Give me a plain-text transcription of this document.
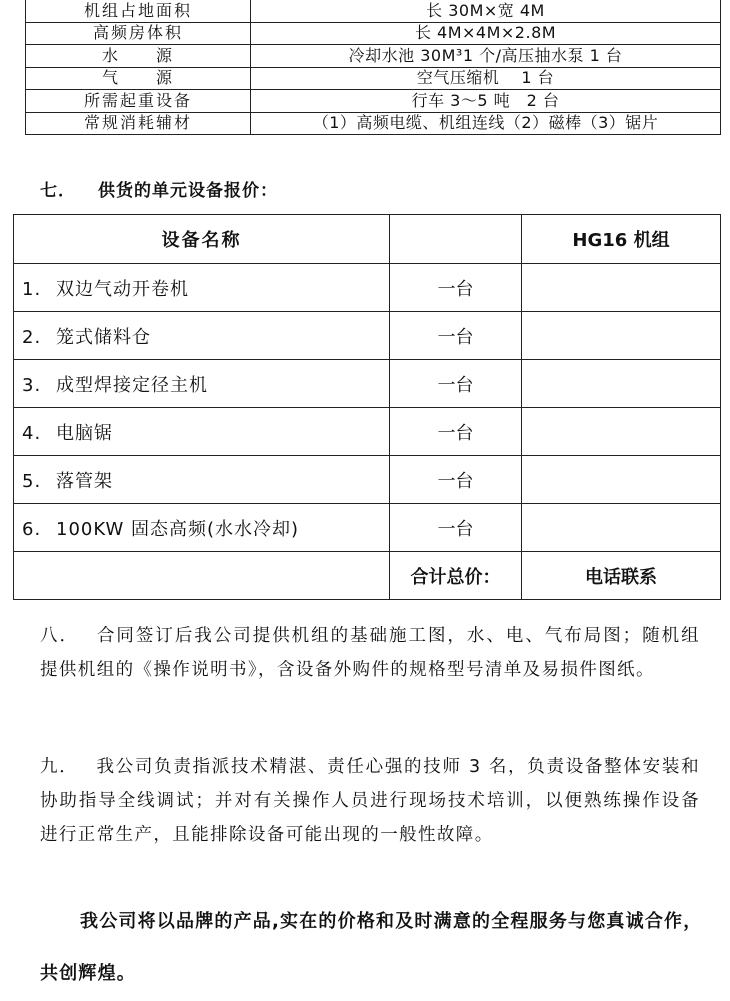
机组占地面积	长 30M×宽 4M
高频房体积	长 4M×4M×2.8M
水　　源	冷却水池 30M³1 个/高压抽水泵 1 台
气　　源	空气压缩机　 1 台
所需起重设备	行车 3～5 吨　2 台
常规消耗辅材	（1）高频电缆、机组连线（2）磁棒（3）锯片
七． 供货的单元设备报价：
设备名称		HG16 机组
1. 双边气动开卷机	一台	
2. 笼式储料仓	一台	
3. 成型焊接定径主机	一台	
4. 电脑锯	一台	
5. 落管架	一台	
6. 100KW 固态高频(水水冷却)	一台	
	合计总价：	电话联系
八． 合同签订后我公司提供机组的基础施工图，水、电、气布局图；随机组提供机组的《操作说明书》，含设备外购件的规格型号清单及易损件图纸。
九． 我公司负责指派技术精湛、责任心强的技师 3 名，负责设备整体安装和协助指导全线调试；并对有关操作人员进行现场技术培训，以便熟练操作设备进行正常生产，且能排除设备可能出现的一般性故障。
我公司将以品牌的产品,实在的价格和及时满意的全程服务与您真诚合作，共创辉煌。
